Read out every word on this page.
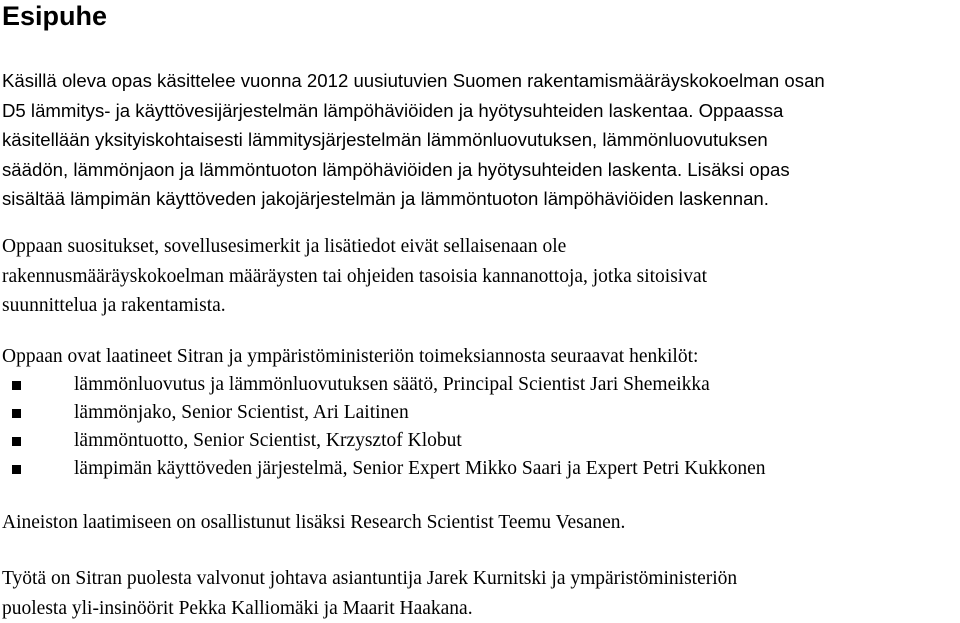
Esipuhe
Käsillä oleva opas käsittelee vuonna 2012 uusiutuvien Suomen rakentamismääräyskokoelman osan
D5 lämmitys- ja käyttövesijärjestelmän lämpöhäviöiden ja hyötysuhteiden laskentaa. Oppaassa
käsitellään yksityiskohtaisesti lämmitysjärjestelmän lämmönluovutuksen, lämmönluovutuksen
säädön, lämmönjaon ja lämmöntuoton lämpöhäviöiden ja hyötysuhteiden laskenta. Lisäksi opas
sisältää lämpimän käyttöveden jakojärjestelmän ja lämmöntuoton lämpöhäviöiden laskennan.
Oppaan suositukset, sovellusesimerkit ja lisätiedot eivät sellaisenaan ole
rakennusmääräyskokoelman määräysten tai ohjeiden tasoisia kannanottoja, jotka sitoisivat
suunnittelua ja rakentamista.
Oppaan ovat laatineet Sitran ja ympäristöministeriön toimeksiannosta seuraavat henkilöt:
lämmönluovutus ja lämmönluovutuksen säätö, Principal Scientist Jari Shemeikka
lämmönjako, Senior Scientist, Ari Laitinen
lämmöntuotto, Senior Scientist, Krzysztof Klobut
lämpimän käyttöveden järjestelmä, Senior Expert Mikko Saari ja Expert Petri Kukkonen
Aineiston laatimiseen on osallistunut lisäksi Research Scientist Teemu Vesanen.
Työtä on Sitran puolesta valvonut johtava asiantuntija Jarek Kurnitski ja ympäristöministeriön
puolesta yli-insinöörit Pekka Kalliomäki ja Maarit Haakana.
